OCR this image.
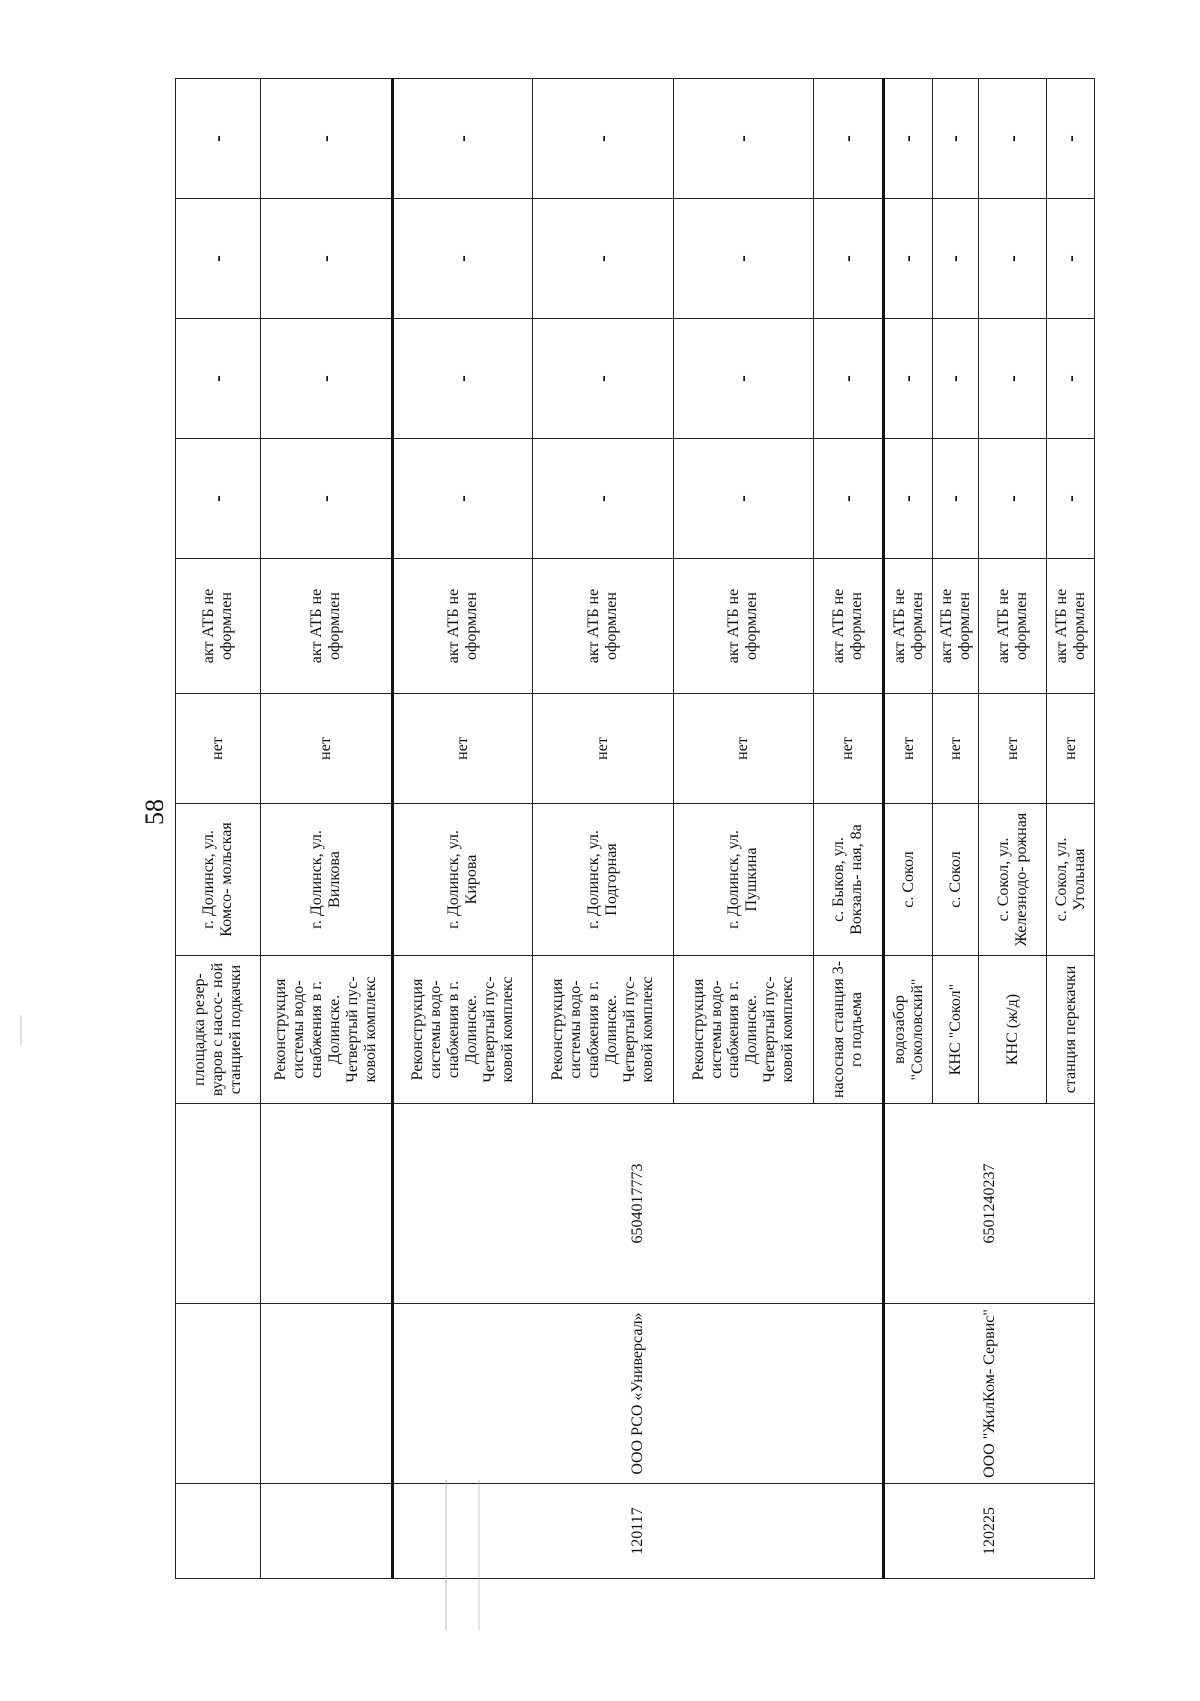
58
			площадка резер- вуаров с насос- ной станцией подкачки	г. Долинск, ул. Комсо- мольская	нет	акт АТБ не оформлен	-	-	-	-
			Реконструкция системы водо- снабжения в г. Долинске. Четвертый пус- ковой комплекс	г. Долинск, ул. Вилкова	нет	акт АТБ не оформлен	-	-	-	-
120117	ООО РСО «Универсал»	6504017773	Реконструкция системы водо- снабжения в г. Долинске. Четвертый пус- ковой комплекс	г. Долинск, ул. Кирова	нет	акт АТБ не оформлен	-	-	-	-
			Реконструкция системы водо- снабжения в г. Долинске. Четвертый пус- ковой комплекс	г. Долинск, ул. Подгорная	нет	акт АТБ не оформлен	-	-	-	-
			Реконструкция системы водо- снабжения в г. Долинске. Четвертый пус- ковой комплекс	г. Долинск, ул. Пушкина	нет	акт АТБ не оформлен	-	-	-	-
			насосная станция 3-го подъема	с. Быков, ул. Вокзаль- ная, 8а	нет	акт АТБ не оформлен	-	-	-	-
120225	ООО "ЖилКом- Сервис"	6501240237	водозабор "Соколовский"	с. Сокол	нет	акт АТБ не оформлен	-	-	-	-
			КНС "Сокол"	с. Сокол	нет	акт АТБ не оформлен	-	-	-	-
			КНС (ж/д)	с. Сокол, ул. Железнодо- рожная	нет	акт АТБ не оформлен	-	-	-	-
			станция перекачки	с. Сокол, ул. Угольная	нет	акт АТБ не оформлен	-	-	-	-
